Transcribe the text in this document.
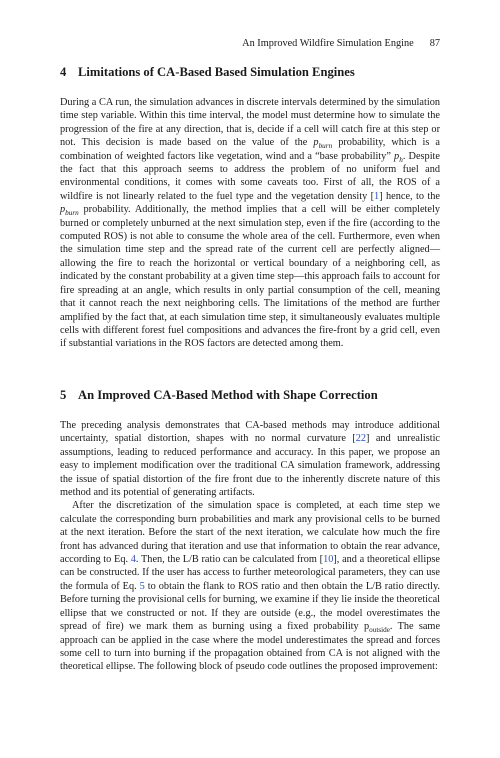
An Improved Wildfire Simulation Engine 87
4 Limitations of CA-Based Based Simulation Engines

During a CA run, the simulation advances in discrete intervals determined by the simulation time step variable. Within this time interval, the model must determine how to simulate the progression of the fire at any direction, that is, decide if a cell will catch fire at this step or not. This decision is made based on the value of the $p_{burn}$ probability, which is a combination of weighted factors like vegetation, wind and a “base probability” $p_h$. Despite the fact that this approach seems to address the problem of no uniform fuel and environmental conditions, it comes with some caveats too. First of all, the ROS of a wildfire is not linearly related to the fuel type and the vegetation density [1] hence, to the $p_{burn}$ probability. Additionally, the method implies that a cell will be either completely burned or completely unburned at the next simulation step, even if the fire (according to the computed ROS) is not able to consume the whole area of the cell. Furthermore, even when the simulation time step and the spread rate of the current cell are perfectly aligned—allowing the fire to reach the horizontal or vertical boundary of a neighboring cell, as indicated by the constant probability at a given time step—this approach fails to account for fire spreading at an angle, which results in only partial consumption of the cell, meaning that it cannot reach the next neighboring cells. The limitations of the method are further amplified by the fact that, at each simulation time step, it simultaneously evaluates multiple cells with different forest fuel compositions and advances the fire-front by a grid cell, even if substantial variations in the ROS factors are detected among them.

5 An Improved CA-Based Method with Shape Correction

The preceding analysis demonstrates that CA-based methods may introduce additional uncertainty, spatial distortion, shapes with no normal curvature [22] and unrealistic assumptions, leading to reduced performance and accuracy. In this paper, we propose an easy to implement modification over the traditional CA simulation framework, addressing the issue of spatial distortion of the fire front due to the inherently discrete nature of this method and its potential of generating artifacts.

After the discretization of the simulation space is completed, at each time step we calculate the corresponding burn probabilities and mark any provisional cells to be burned at the next iteration. Before the start of the next iteration, we calculate how much the fire front has advanced during that iteration and use that information to obtain the rear advance, according to Eq. 4. Then, the L/B ratio can be calculated from [10], and a theoretical ellipse can be constructed. If the user has access to further meteorological parameters, they can use the formula of Eq. 5 to obtain the flank to ROS ratio and then obtain the L/B ratio directly. Before turning the provisional cells for burning, we examine if they lie inside the theoretical ellipse that we constructed or not. If they are outside (e.g., the model overestimates the spread of fire) we mark them as burning using a fixed probability $p_{outside}$. The same approach can be applied in the case where the model underestimates the spread and forces some cell to turn into burning if the propagation obtained from CA is not aligned with the theoretical ellipse. The following block of pseudo code outlines the proposed improvement:
